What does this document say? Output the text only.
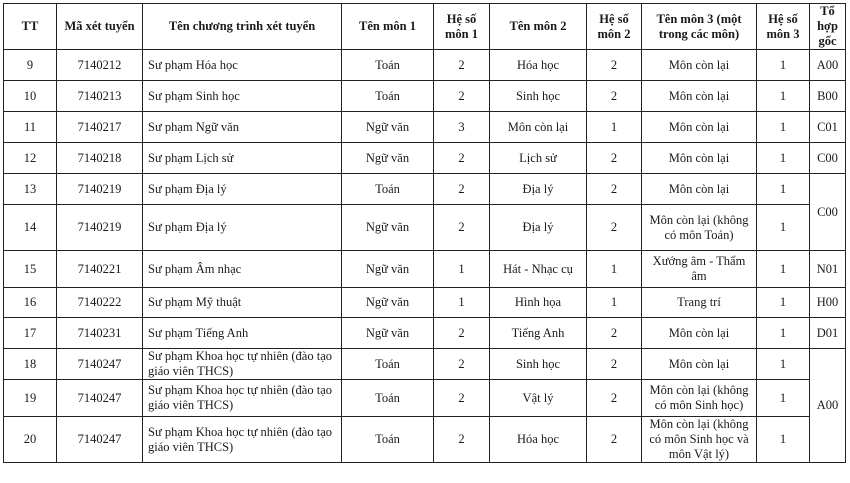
TT	Mã xét tuyển	Tên chương trình xét tuyển	Tên môn 1	Hệ số môn 1	Tên môn 2	Hệ số môn 2	Tên môn 3 (một trong các môn)	Hệ số môn 3	Tổ hợp gốc
9	7140212	Sư phạm Hóa học	Toán	2	Hóa học	2	Môn còn lại	1	A00
10	7140213	Sư phạm Sinh học	Toán	2	Sinh học	2	Môn còn lại	1	B00
11	7140217	Sư phạm Ngữ văn	Ngữ văn	3	Môn còn lại	1	Môn còn lại	1	C01
12	7140218	Sư phạm Lịch sử	Ngữ văn	2	Lịch sử	2	Môn còn lại	1	C00
13	7140219	Sư phạm Địa lý	Toán	2	Địa lý	2	Môn còn lại	1	C00
14	7140219	Sư phạm Địa lý	Ngữ văn	2	Địa lý	2	Môn còn lại (không có môn Toán)	1	
15	7140221	Sư phạm Âm nhạc	Ngữ văn	1	Hát - Nhạc cụ	1	Xướng âm - Thẩm âm	1	N01
16	7140222	Sư phạm Mỹ thuật	Ngữ văn	1	Hình họa	1	Trang trí	1	H00
17	7140231	Sư phạm Tiếng Anh	Ngữ văn	2	Tiếng Anh	2	Môn còn lại	1	D01
18	7140247	Sư phạm Khoa học tự nhiên (đào tạo giáo viên THCS)	Toán	2	Sinh học	2	Môn còn lại	1	A00
19	7140247	Sư phạm Khoa học tự nhiên (đào tạo giáo viên THCS)	Toán	2	Vật lý	2	Môn còn lại (không có môn Sinh học)	1	
20	7140247	Sư phạm Khoa học tự nhiên (đào tạo giáo viên THCS)	Toán	2	Hóa học	2	Môn còn lại (không có môn Sinh học và môn Vật lý)	1	
